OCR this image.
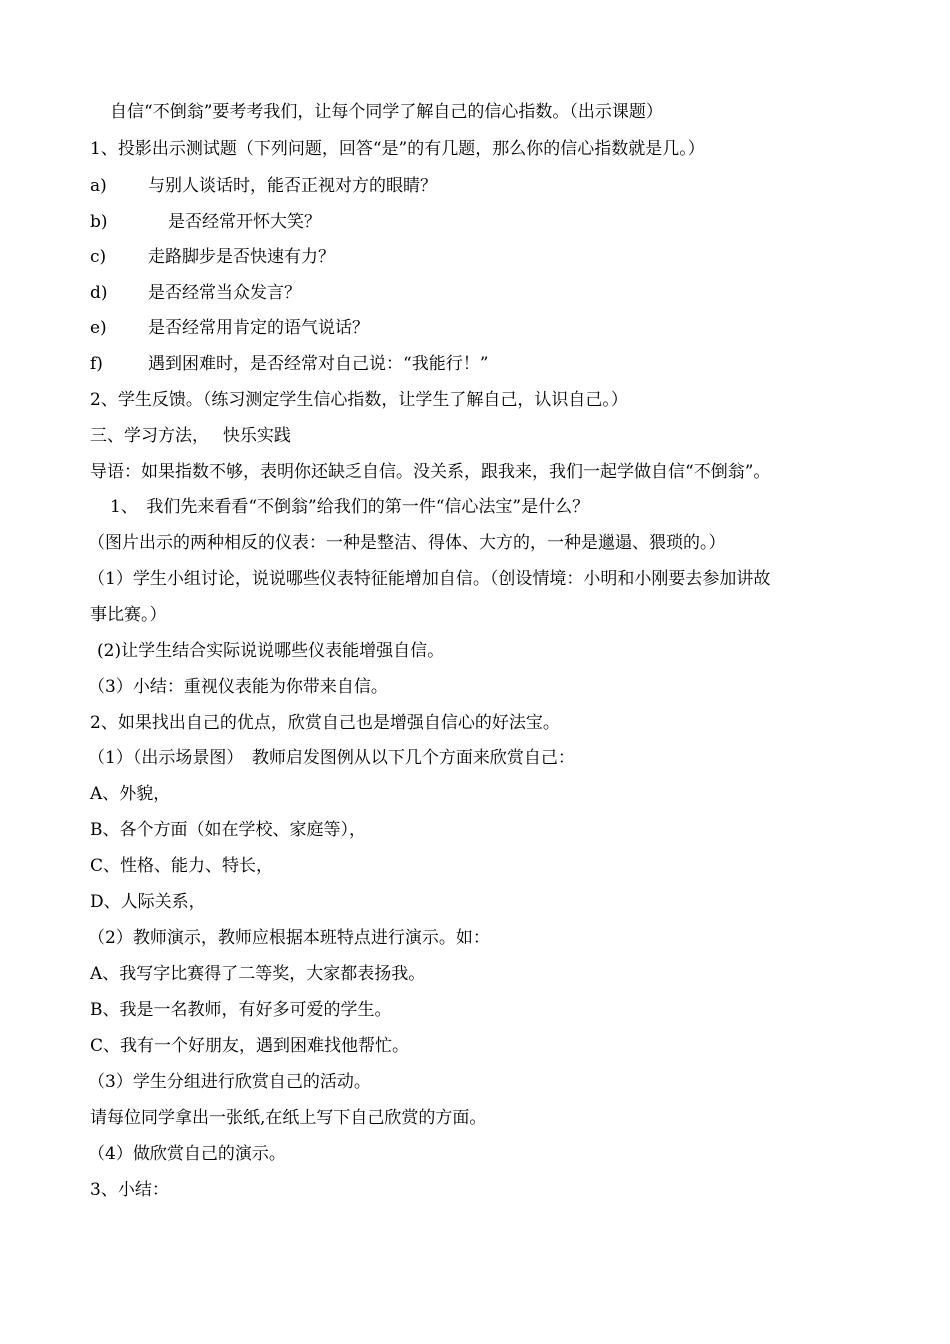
自信“不倒翁”要考考我们，让每个同学了解自己的信心指数。（出示课题）
1、投影出示测试题（下列问题，回答“是”的有几题，那么你的信心指数就是几。）
a) 与别人谈话时，能否正视对方的眼睛？
b)	是否经常开怀大笑？
c) 走路脚步是否快速有力？
d) 是否经常当众发言？
e) 是否经常用肯定的语气说话？
f)	遇到困难时，是否经常对自己说：“我能行！”
2、学生反馈。（练习测定学生信心指数，让学生了解自己，认识自己。）
三、学习方法，　 快乐实践
导语：如果指数不够，表明你还缺乏自信。没关系，跟我来，我们一起学做自信“不倒翁”。
1、　我们先来看看“不倒翁”给我们的第一件“信心法宝”是什么？
（图片出示的两种相反的仪表：一种是整洁、得体、大方的，一种是邋遢、猥琐的。）
（1）学生小组讨论，说说哪些仪表特征能增加自信。（创设情境：小明和小刚要去参加讲故
事比赛。）
(2)让学生结合实际说说哪些仪表能增强自信。
（3）小结：重视仪表能为你带来自信。
2、如果找出自己的优点，欣赏自己也是增强自信心的好法宝。
（1）（出示场景图）　教师启发图例从以下几个方面来欣赏自己：
A、外貌，
B、各个方面（如在学校、家庭等），
C、性格、能力、特长，
D、人际关系，
（2）教师演示，教师应根据本班特点进行演示。如：
A、我写字比赛得了二等奖，大家都表扬我。
B、我是一名教师，有好多可爱的学生。
C、我有一个好朋友，遇到困难找他帮忙。
（3）学生分组进行欣赏自己的活动。
请每位同学拿出一张纸,在纸上写下自己欣赏的方面。
（4）做欣赏自己的演示。
3、小结：
